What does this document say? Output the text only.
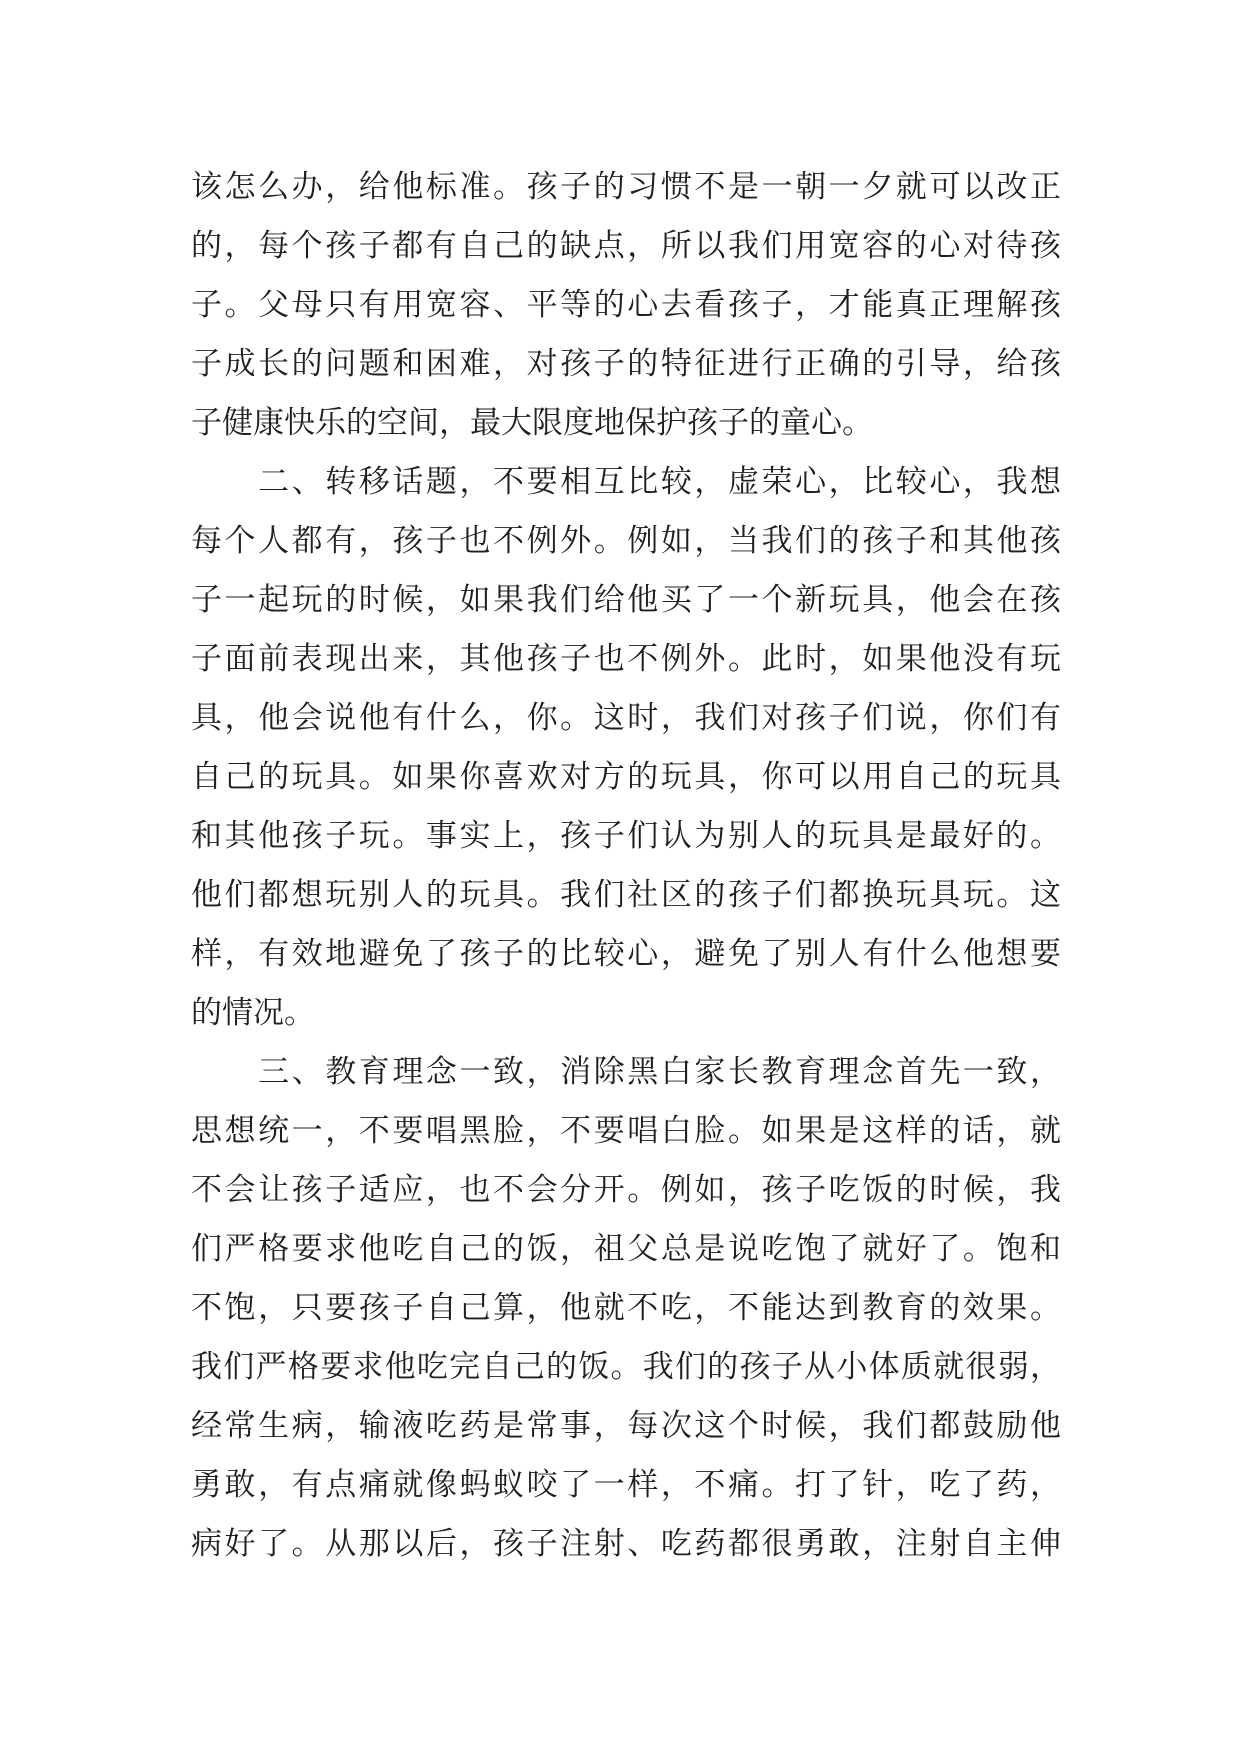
该怎么办，给他标准。孩子的习惯不是一朝一夕就可以改正
的，每个孩子都有自己的缺点，所以我们用宽容的心对待孩
子。父母只有用宽容、平等的心去看孩子，才能真正理解孩
子成长的问题和困难，对孩子的特征进行正确的引导，给孩
子健康快乐的空间，最大限度地保护孩子的童心。
　　二、转移话题，不要相互比较，虚荣心，比较心，我想
每个人都有，孩子也不例外。例如，当我们的孩子和其他孩
子一起玩的时候，如果我们给他买了一个新玩具，他会在孩
子面前表现出来，其他孩子也不例外。此时，如果他没有玩
具，他会说他有什么，你。这时，我们对孩子们说，你们有
自己的玩具。如果你喜欢对方的玩具，你可以用自己的玩具
和其他孩子玩。事实上，孩子们认为别人的玩具是最好的。
他们都想玩别人的玩具。我们社区的孩子们都换玩具玩。这
样，有效地避免了孩子的比较心，避免了别人有什么他想要
的情况。
　　三、教育理念一致，消除黑白家长教育理念首先一致，
思想统一，不要唱黑脸，不要唱白脸。如果是这样的话，就
不会让孩子适应，也不会分开。例如，孩子吃饭的时候，我
们严格要求他吃自己的饭，祖父总是说吃饱了就好了。饱和
不饱，只要孩子自己算，他就不吃，不能达到教育的效果。
我们严格要求他吃完自己的饭。我们的孩子从小体质就很弱，
经常生病，输液吃药是常事，每次这个时候，我们都鼓励他
勇敢，有点痛就像蚂蚁咬了一样，不痛。打了针，吃了药，
病好了。从那以后，孩子注射、吃药都很勇敢，注射自主伸
